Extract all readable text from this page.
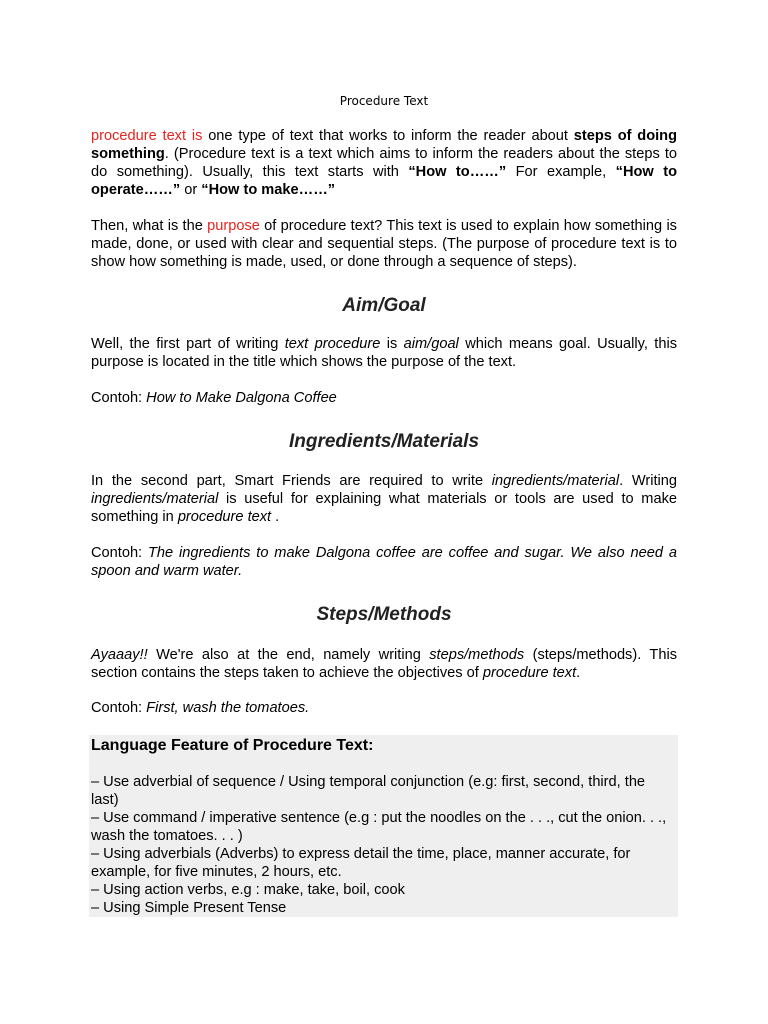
Procedure Text

procedure text is one type of text that works to inform the reader about steps of doing something. (Procedure text is a text which aims to inform the readers about the steps to do something). Usually, this text starts with “How to……” For example, “How to operate……” or “How to make……”

Then, what is the purpose of procedure text? This text is used to explain how something is made, done, or used with clear and sequential steps. (The purpose of procedure text is to show how something is made, used, or done through a sequence of steps).

Aim/Goal

Well, the first part of writing text procedure is aim/goal which means goal. Usually, this purpose is located in the title which shows the purpose of the text.

Contoh: How to Make Dalgona Coffee

Ingredients/Materials

In the second part, Smart Friends are required to write ingredients/material. Writing ingredients/material is useful for explaining what materials or tools are used to make something in procedure text .

Contoh: The ingredients to make Dalgona coffee are coffee and sugar. We also need a spoon and warm water.

Steps/Methods

Ayaaay!! We're also at the end, namely writing steps/methods (steps/methods). This section contains the steps taken to achieve the objectives of procedure text.

Contoh: First, wash the tomatoes.

Language Feature of Procedure Text:
– Use adverbial of sequence / Using temporal conjunction (e.g: first, second, third, the last)
– Use command / imperative sentence (e.g : put the noodles on the . . ., cut the onion. . ., wash the tomatoes. . . )
– Using adverbials (Adverbs) to express detail the time, place, manner accurate, for example, for five minutes, 2 hours, etc.
– Using action verbs, e.g : make, take, boil, cook
– Using Simple Present Tense
